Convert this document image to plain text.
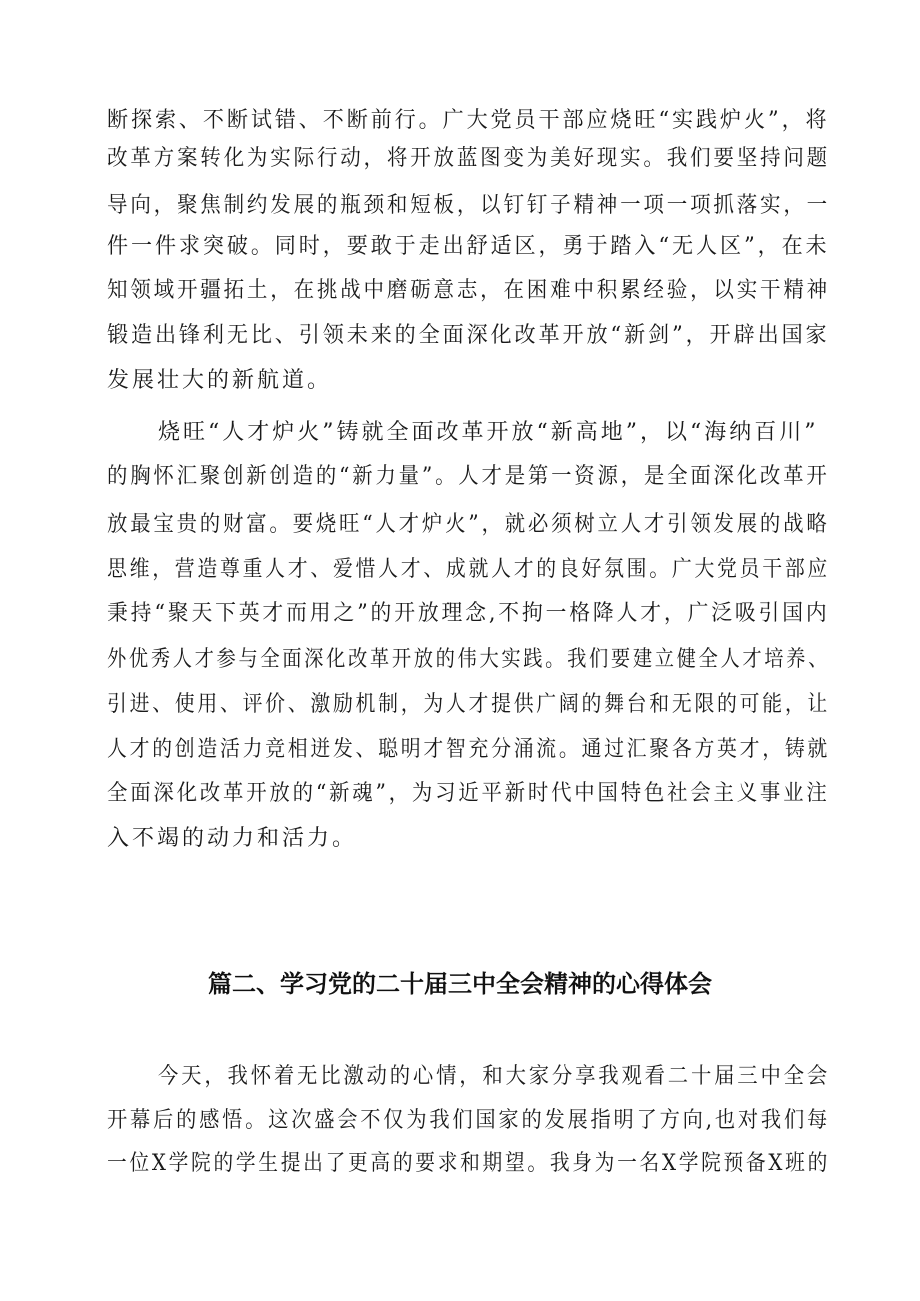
断探索、不断试错、不断前行。广大党员干部应烧旺“实践炉火”，将
改革方案转化为实际行动，将开放蓝图变为美好现实。我们要坚持问题
导向，聚焦制约发展的瓶颈和短板，以钉钉子精神一项一项抓落实，一
件一件求突破。同时，要敢于走出舒适区，勇于踏入“无人区”，在未
知领域开疆拓土，在挑战中磨砺意志，在困难中积累经验，以实干精神
锻造出锋利无比、引领未来的全面深化改革开放“新剑”，开辟出国家
发展壮大的新航道。
烧旺“人才炉火”铸就全面改革开放“新高地”，以“海纳百川”
的胸怀汇聚创新创造的“新力量”。人才是第一资源，是全面深化改革开
放最宝贵的财富。要烧旺“人才炉火”，就必须树立人才引领发展的战略
思维，营造尊重人才、爱惜人才、成就人才的良好氛围。广大党员干部应
秉持“聚天下英才而用之”的开放理念,不拘一格降人才，广泛吸引国内
外优秀人才参与全面深化改革开放的伟大实践。我们要建立健全人才培养、
引进、使用、评价、激励机制，为人才提供广阔的舞台和无限的可能，让
人才的创造活力竞相迸发、聪明才智充分涌流。通过汇聚各方英才，铸就
全面深化改革开放的“新魂”，为习近平新时代中国特色社会主义事业注
入不竭的动力和活力。
篇二、学习党的二十届三中全会精神的心得体会
今天，我怀着无比激动的心情，和大家分享我观看二十届三中全会
开幕后的感悟。这次盛会不仅为我们国家的发展指明了方向,也对我们每
一位X学院的学生提出了更高的要求和期望。我身为一名X学院预备X班的
